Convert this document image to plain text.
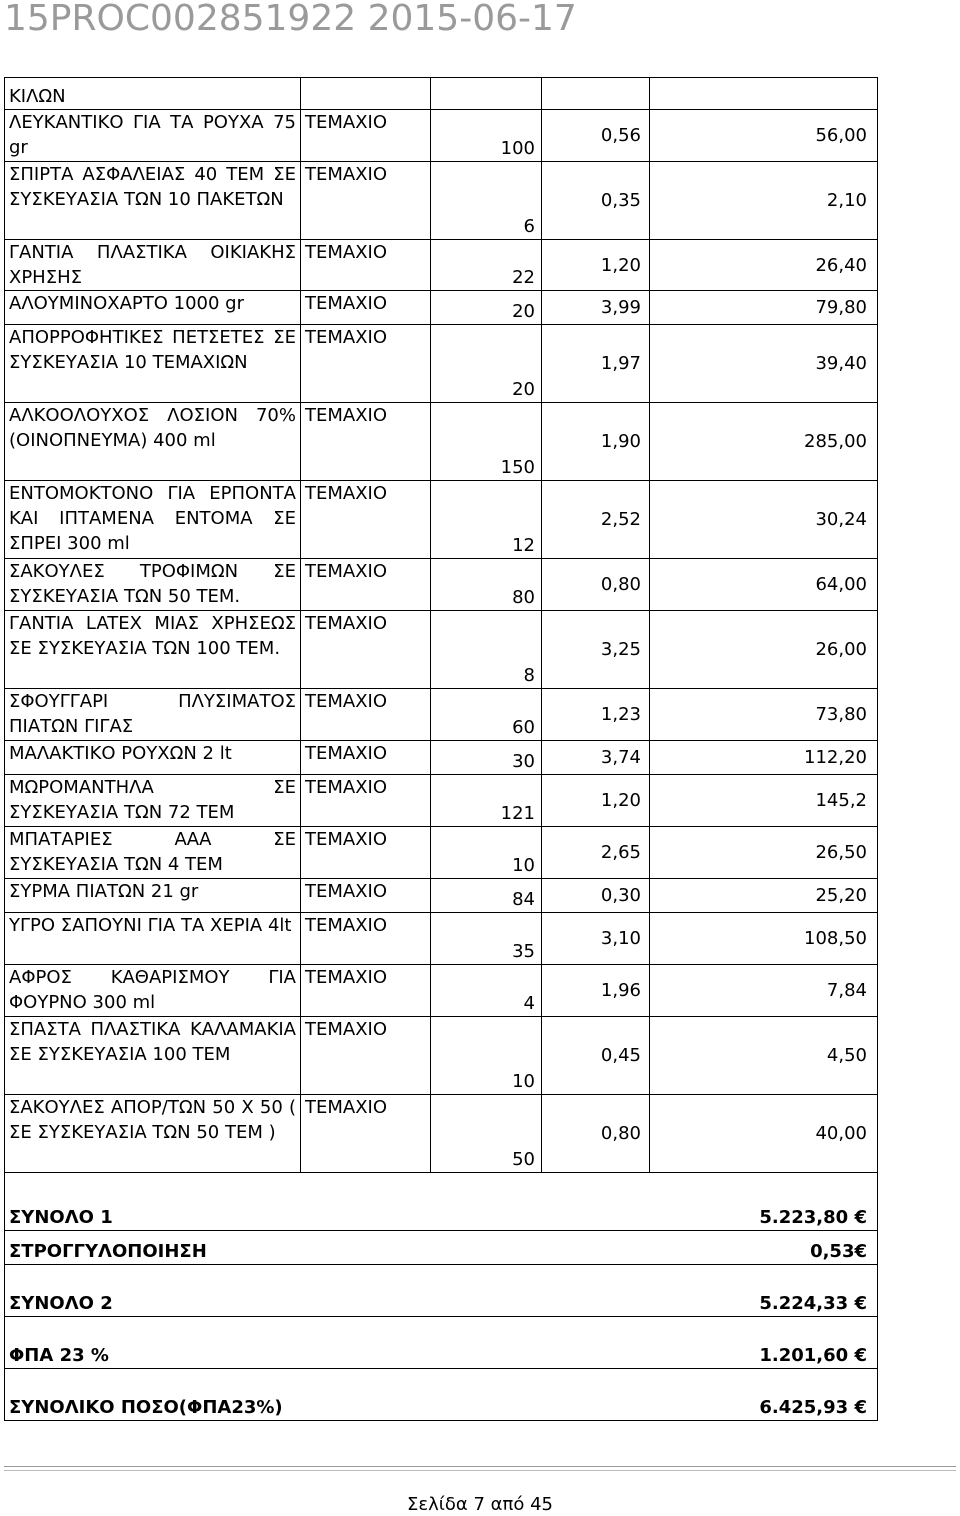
15PROC002851922 2015-06-17
ΚΙΛΩΝ				
ΛΕΥΚΑΝΤΙΚΟ ΓΙΑ ΤΑ ΡΟΥΧΑ 75 gr	ΤΕΜΑΧΙΟ	100	0,56	56,00
ΣΠΙΡΤΑ ΑΣΦΑΛΕΙΑΣ 40 ΤΕΜ ΣΕ ΣΥΣΚΕΥΑΣΙΑ ΤΩΝ 10 ΠΑΚΕΤΩΝ	ΤΕΜΑΧΙΟ	6	0,35	2,10
ΓΑΝΤΙΑ ΠΛΑΣΤΙΚΑ ΟΙΚΙΑΚΗΣ ΧΡΗΣΗΣ	ΤΕΜΑΧΙΟ	22	1,20	26,40
ΑΛΟΥΜΙΝΟΧΑΡΤΟ 1000 gr	ΤΕΜΑΧΙΟ	20	3,99	79,80
ΑΠΟΡΡΟΦΗΤΙΚΕΣ ΠΕΤΣΕΤΕΣ ΣΕ ΣΥΣΚΕΥΑΣΙΑ 10 ΤΕΜΑΧΙΩΝ	ΤΕΜΑΧΙΟ	20	1,97	39,40
ΑΛΚΟΟΛΟΥΧΟΣ ΛΟΣΙΟΝ 70% (ΟΙΝΟΠΝΕΥΜΑ) 400 ml	ΤΕΜΑΧΙΟ	150	1,90	285,00
ΕΝΤΟΜΟΚΤΟΝΟ ΓΙΑ ΕΡΠΟΝΤΑ ΚΑΙ ΙΠΤΑΜΕΝΑ ΕΝΤΟΜΑ ΣΕ ΣΠΡΕΙ 300 ml	ΤΕΜΑΧΙΟ	12	2,52	30,24
ΣΑΚΟΥΛΕΣ ΤΡΟΦΙΜΩΝ ΣΕ ΣΥΣΚΕΥΑΣΙΑ ΤΩΝ 50 ΤΕΜ.	ΤΕΜΑΧΙΟ	80	0,80	64,00
ΓΑΝΤΙΑ LATEX ΜΙΑΣ ΧΡΗΣΕΩΣ ΣΕ ΣΥΣΚΕΥΑΣΙΑ ΤΩΝ 100 ΤΕΜ.	ΤΕΜΑΧΙΟ	8	3,25	26,00
ΣΦΟΥΓΓΑΡΙ ΠΛΥΣΙΜΑΤΟΣ ΠΙΑΤΩΝ ΓΙΓΑΣ	ΤΕΜΑΧΙΟ	60	1,23	73,80
ΜΑΛΑΚΤΙΚΟ ΡΟΥΧΩΝ 2 lt	ΤΕΜΑΧΙΟ	30	3,74	112,20
ΜΩΡΟΜΑΝΤΗΛΑ ΣΕ ΣΥΣΚΕΥΑΣΙΑ ΤΩΝ 72 ΤΕΜ	ΤΕΜΑΧΙΟ	121	1,20	145,2
ΜΠΑΤΑΡΙΕΣ ΑΑΑ ΣΕ ΣΥΣΚΕΥΑΣΙΑ ΤΩΝ 4 ΤΕΜ	ΤΕΜΑΧΙΟ	10	2,65	26,50
ΣΥΡΜΑ ΠΙΑΤΩΝ 21 gr	ΤΕΜΑΧΙΟ	84	0,30	25,20
ΥΓΡΟ ΣΑΠΟΥΝΙ ΓΙΑ ΤΑ ΧΕΡΙΑ 4lt	ΤΕΜΑΧΙΟ	35	3,10	108,50
ΑΦΡΟΣ ΚΑΘΑΡΙΣΜΟΥ ΓΙΑ ΦΟΥΡΝΟ 300 ml	ΤΕΜΑΧΙΟ	4	1,96	7,84
ΣΠΑΣΤΑ ΠΛΑΣΤΙΚΑ ΚΑΛΑΜΑΚΙΑ ΣΕ ΣΥΣΚΕΥΑΣΙΑ 100 ΤΕΜ	ΤΕΜΑΧΙΟ	10	0,45	4,50
ΣΑΚΟΥΛΕΣ ΑΠΟΡ/ΤΩΝ 50 Χ 50 ( ΣΕ ΣΥΣΚΕΥΑΣΙΑ ΤΩΝ 50 ΤΕΜ )	ΤΕΜΑΧΙΟ	50	0,80	40,00
ΣΥΝΟΛΟ 1				5.223,80 €
ΣΤΡΟΓΓΥΛΟΠΟΙΗΣΗ				0,53€
ΣΥΝΟΛΟ 2				5.224,33 €
ΦΠΑ 23 %				1.201,60 €
ΣΥΝΟΛΙΚΟ ΠΟΣΟ(ΦΠΑ23%)				6.425,93 €
Σελίδα 7 από 45
